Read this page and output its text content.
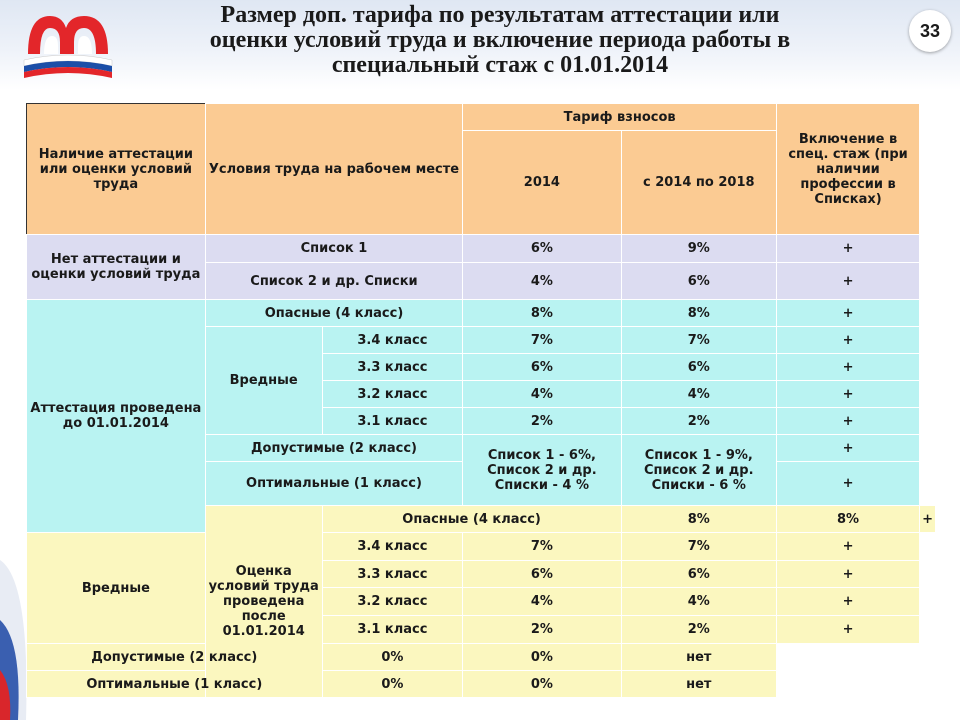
Размер доп. тарифа по результатам аттестации или
оценки условий труда и включение периода работы в
специальный стаж с 01.01.2014
33
Наличие аттестации или оценки условий труда	Условия труда на рабочем месте		Тариф взносов		Включение в спец. стаж (при наличии профессии в Списках)	
			2014	с 2014 по 2018		
Нет аттестации и оценки условий труда	Список 1		6%	9%	+	
	Список 2 и др. Списки		4%	6%	+	
Аттестация проведена до 01.01.2014	Опасные (4 класс)		8%	8%	+	
	Вредные	3.4 класс	7%	7%	+	
		3.3 класс	6%	6%	+	
		3.2 класс	4%	4%	+	
		3.1 класс	2%	2%	+	
	Допустимые (2 класс)		Список 1 - 6%, Список 2 и др. Списки - 4 %	Список 1 - 9%, Список 2 и др. Списки - 6 %	+	
	Оптимальные (1 класс)				+	
	Оценка условий труда проведена после 01.01.2014	Опасные (4 класс)		8%	8%	+
Вредные		3.4 класс	7%	7%	+	
		3.3 класс	6%	6%	+	
		3.2 класс	4%	4%	+	
		3.1 класс	2%	2%	+	
Допустимые (2 класс)		0%	0%	нет		
Оптимальные (1 класс)		0%	0%	нет		
